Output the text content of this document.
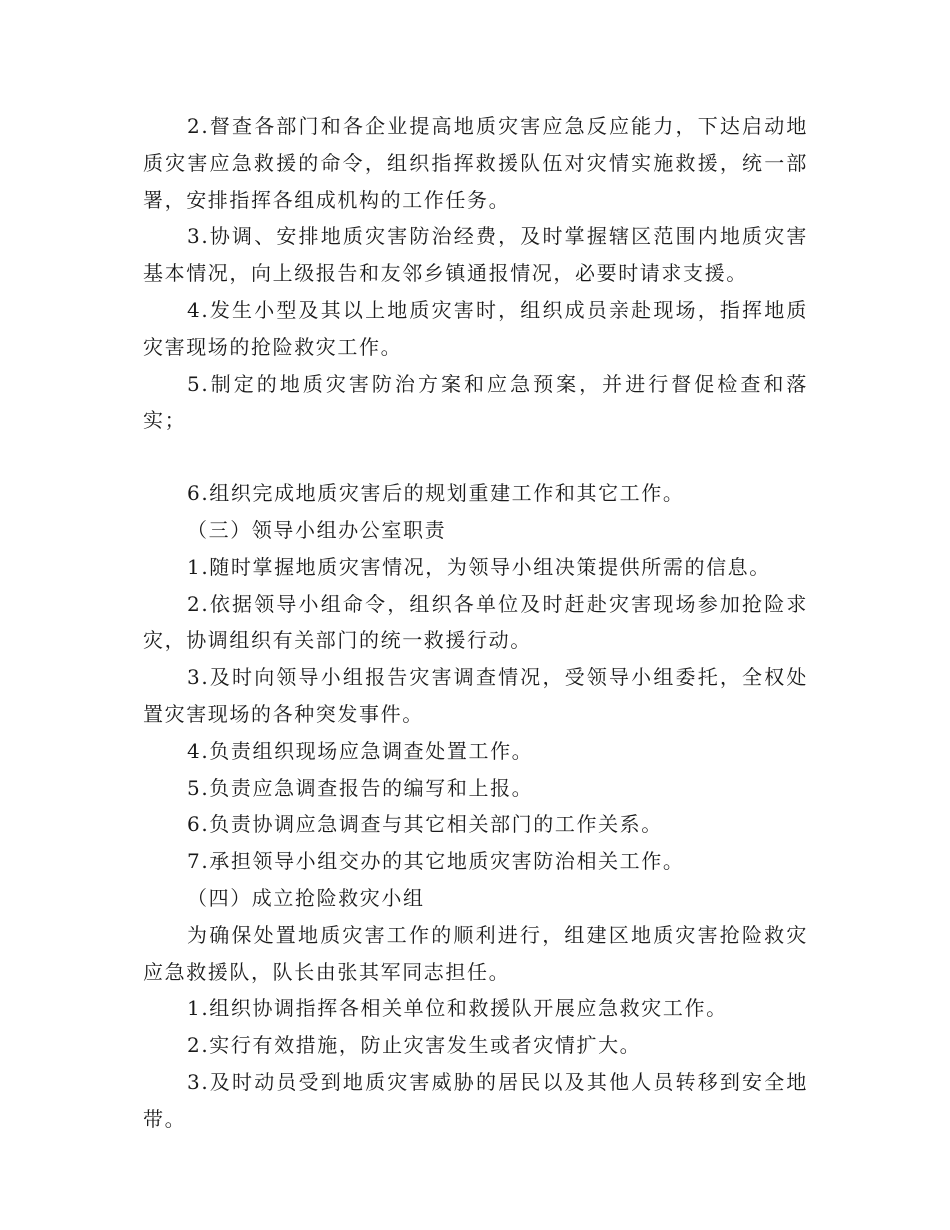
2.督查各部门和各企业提高地质灾害应急反应能力，下达启动地质灾害应急救援的命令，组织指挥救援队伍对灾情实施救援，统一部署，安排指挥各组成机构的工作任务。

3.协调、安排地质灾害防治经费，及时掌握辖区范围内地质灾害基本情况，向上级报告和友邻乡镇通报情况，必要时请求支援。

4.发生小型及其以上地质灾害时，组织成员亲赴现场，指挥地质灾害现场的抢险救灾工作。

5.制定的地质灾害防治方案和应急预案，并进行督促检查和落实；

6.组织完成地质灾害后的规划重建工作和其它工作。

（三）领导小组办公室职责

1.随时掌握地质灾害情况，为领导小组决策提供所需的信息。

2.依据领导小组命令，组织各单位及时赶赴灾害现场参加抢险求灾，协调组织有关部门的统一救援行动。

3.及时向领导小组报告灾害调查情况，受领导小组委托，全权处置灾害现场的各种突发事件。

4.负责组织现场应急调查处置工作。

5.负责应急调查报告的编写和上报。

6.负责协调应急调查与其它相关部门的工作关系。

7.承担领导小组交办的其它地质灾害防治相关工作。

（四）成立抢险救灾小组

为确保处置地质灾害工作的顺利进行，组建区地质灾害抢险救灾应急救援队，队长由张其军同志担任。

1.组织协调指挥各相关单位和救援队开展应急救灾工作。

2.实行有效措施，防止灾害发生或者灾情扩大。

3.及时动员受到地质灾害威胁的居民以及其他人员转移到安全地带。
